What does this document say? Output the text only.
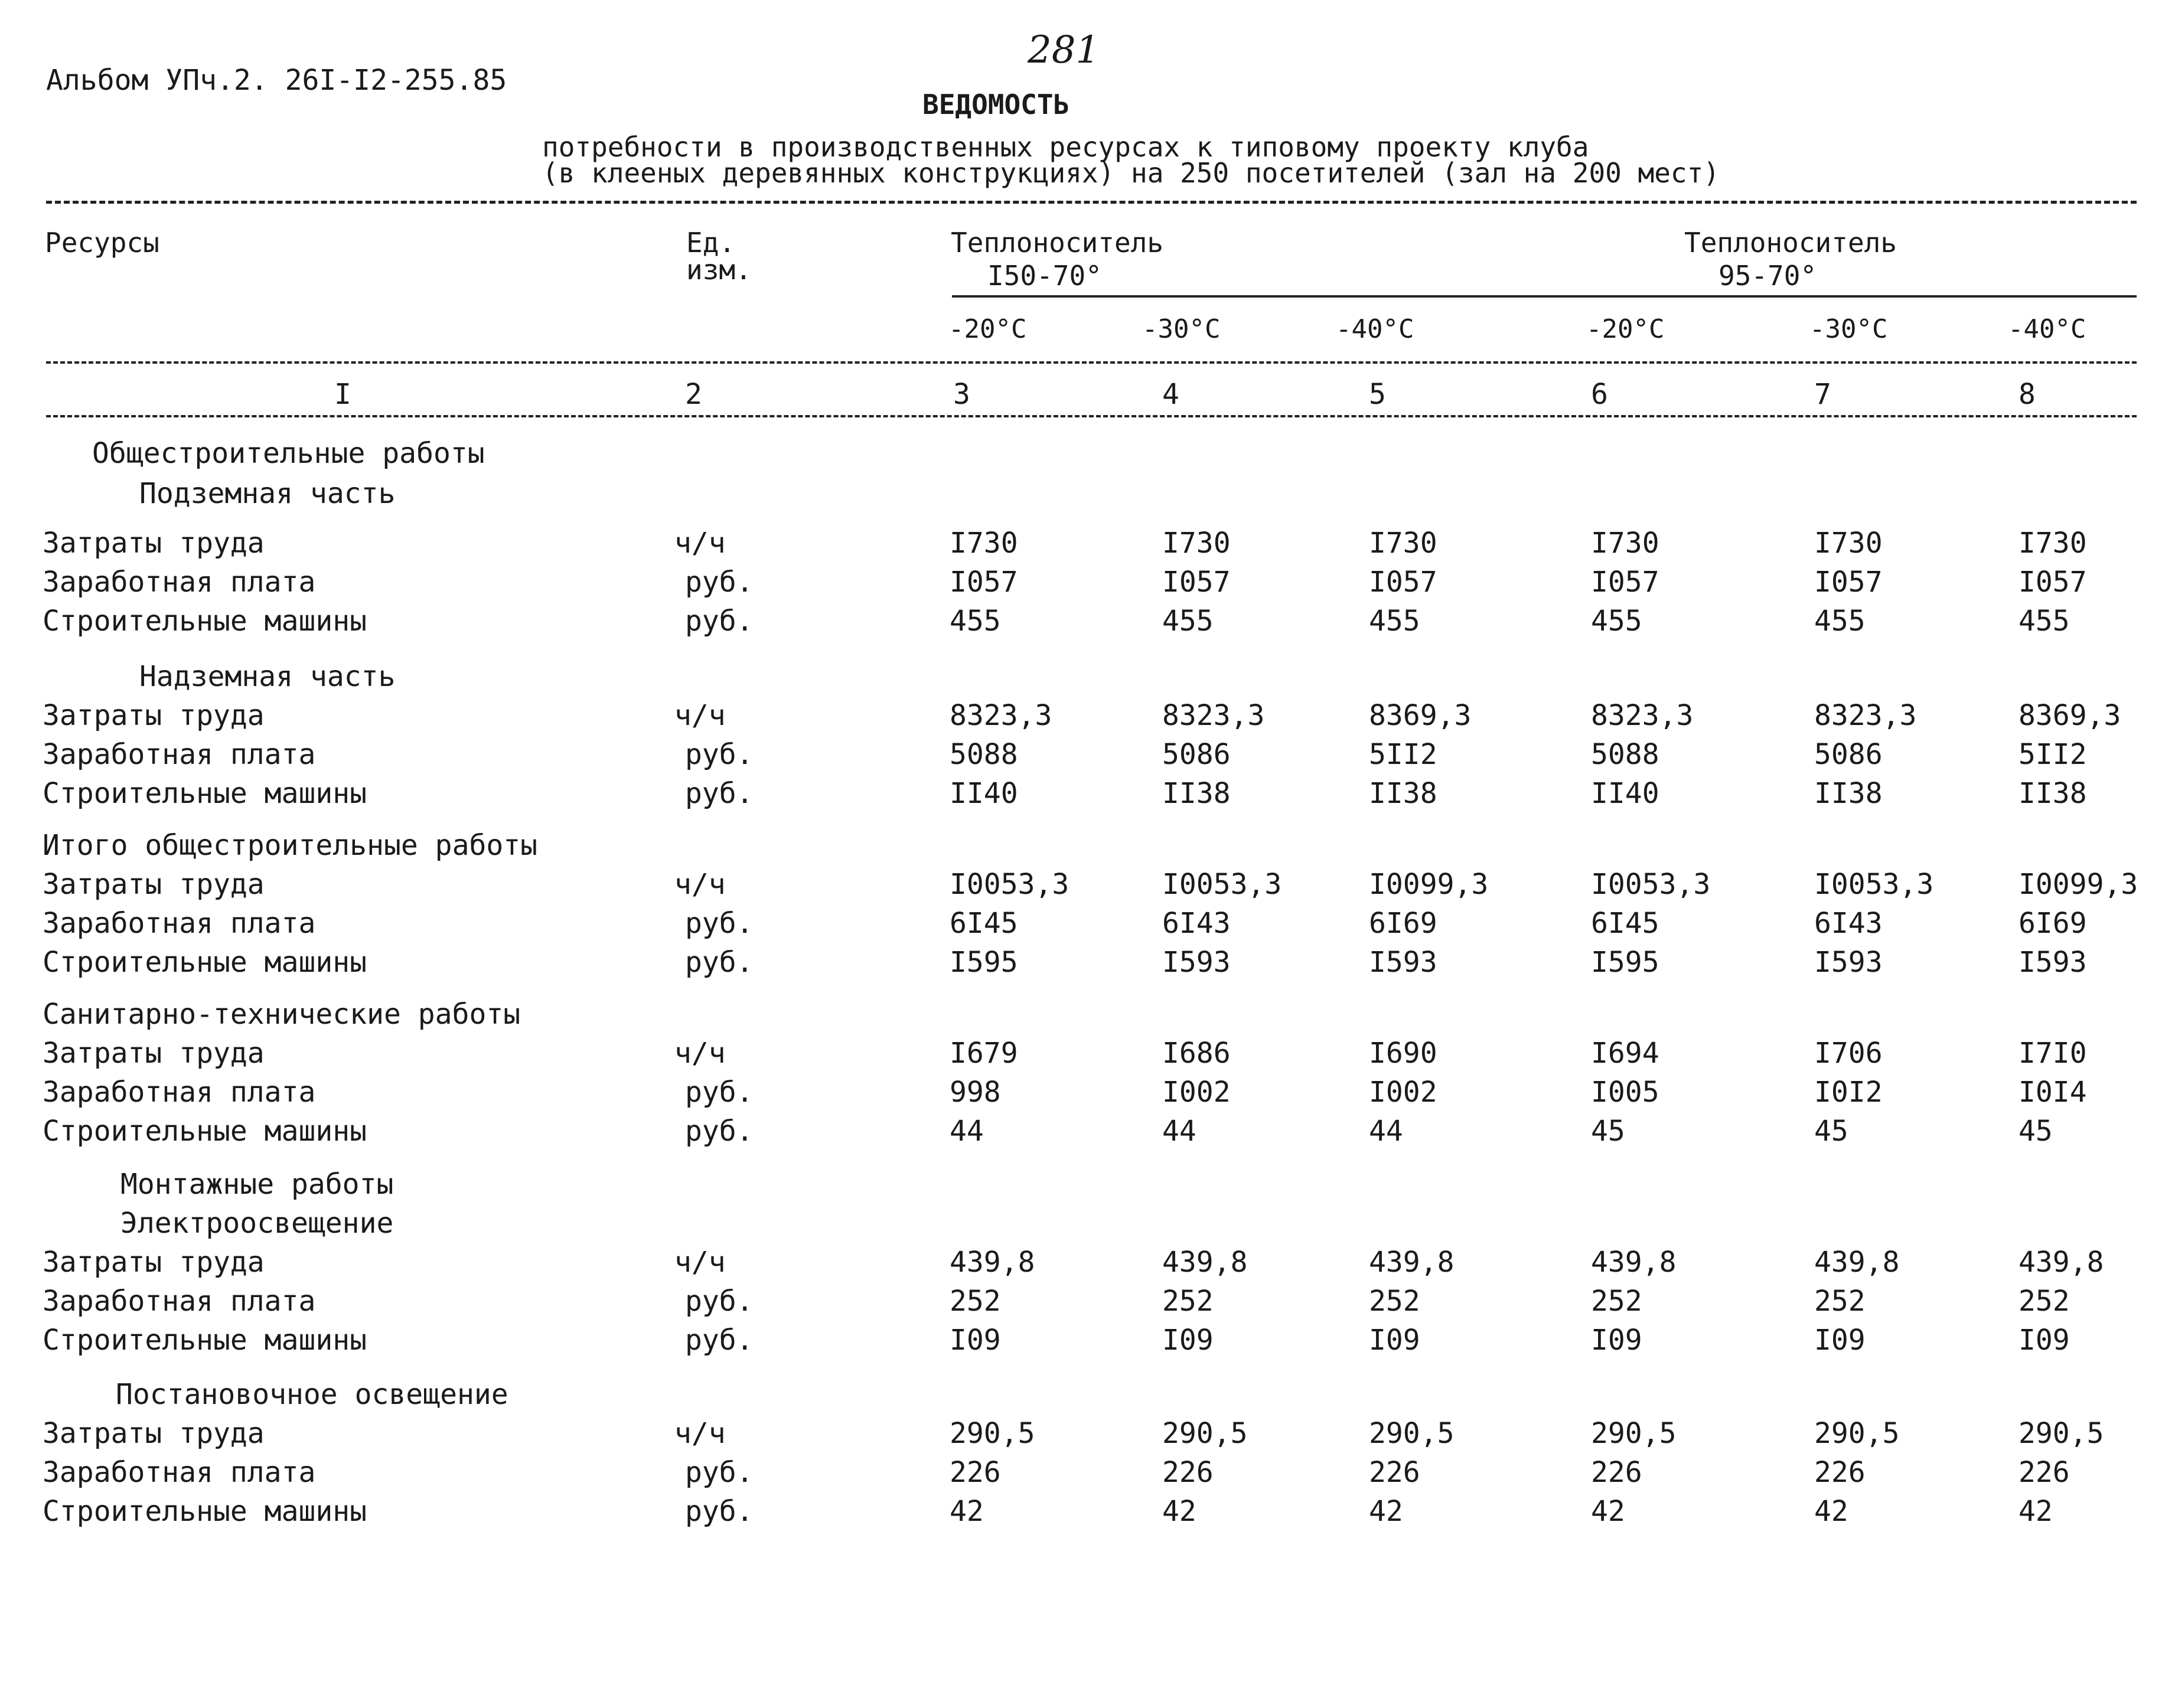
Альбом УПч.2. 26I-I2-255.85
281
ВЕДОМОСТЬ
потребности в производственных ресурсах к типовому проекту клуба
(в клееных деревянных конструкциях) на 250 посетителей (зал на 200 мест)
Ресурсы	Ед.
изм.
Теплоноситель
I50-70°
Теплоноситель
95-70°
-20°C	-30°C	-40°C	-20°C	-30°C	-40°C
I	2	3	4	5	6	7	8
Общестроительные работы
Подземная часть
Затраты труда	ч/ч	I730	I730	I730	I730	I730	I730
Заработная плата	руб.	I057	I057	I057	I057	I057	I057
Строительные машины	руб.	455	455	455	455	455	455
Надземная часть
Затраты труда	ч/ч	8323,3	8323,3	8369,3	8323,3	8323,3	8369,3
Заработная плата	руб.	5088	5086	5II2	5088	5086	5II2
Строительные машины	руб.	II40	II38	II38	II40	II38	II38
Итого общестроительные работы
Затраты труда	ч/ч	I0053,3	I0053,3	I0099,3	I0053,3	I0053,3	I0099,3
Заработная плата	руб.	6I45	6I43	6I69	6I45	6I43	6I69
Строительные машины	руб.	I595	I593	I593	I595	I593	I593
Санитарно-технические работы
Затраты труда	ч/ч	I679	I686	I690	I694	I706	I7I0
Заработная плата	руб.	998	I002	I002	I005	I0I2	I0I4
Строительные машины	руб.	44	44	44	45	45	45
Монтажные работы
Электроосвещение
Затраты труда	ч/ч	439,8	439,8	439,8	439,8	439,8	439,8
Заработная плата	руб.	252	252	252	252	252	252
Строительные машины	руб.	I09	I09	I09	I09	I09	I09
Постановочное освещение
Затраты труда	ч/ч	290,5	290,5	290,5	290,5	290,5	290,5
Заработная плата	руб.	226	226	226	226	226	226
Строительные машины	руб.	42	42	42	42	42	42
